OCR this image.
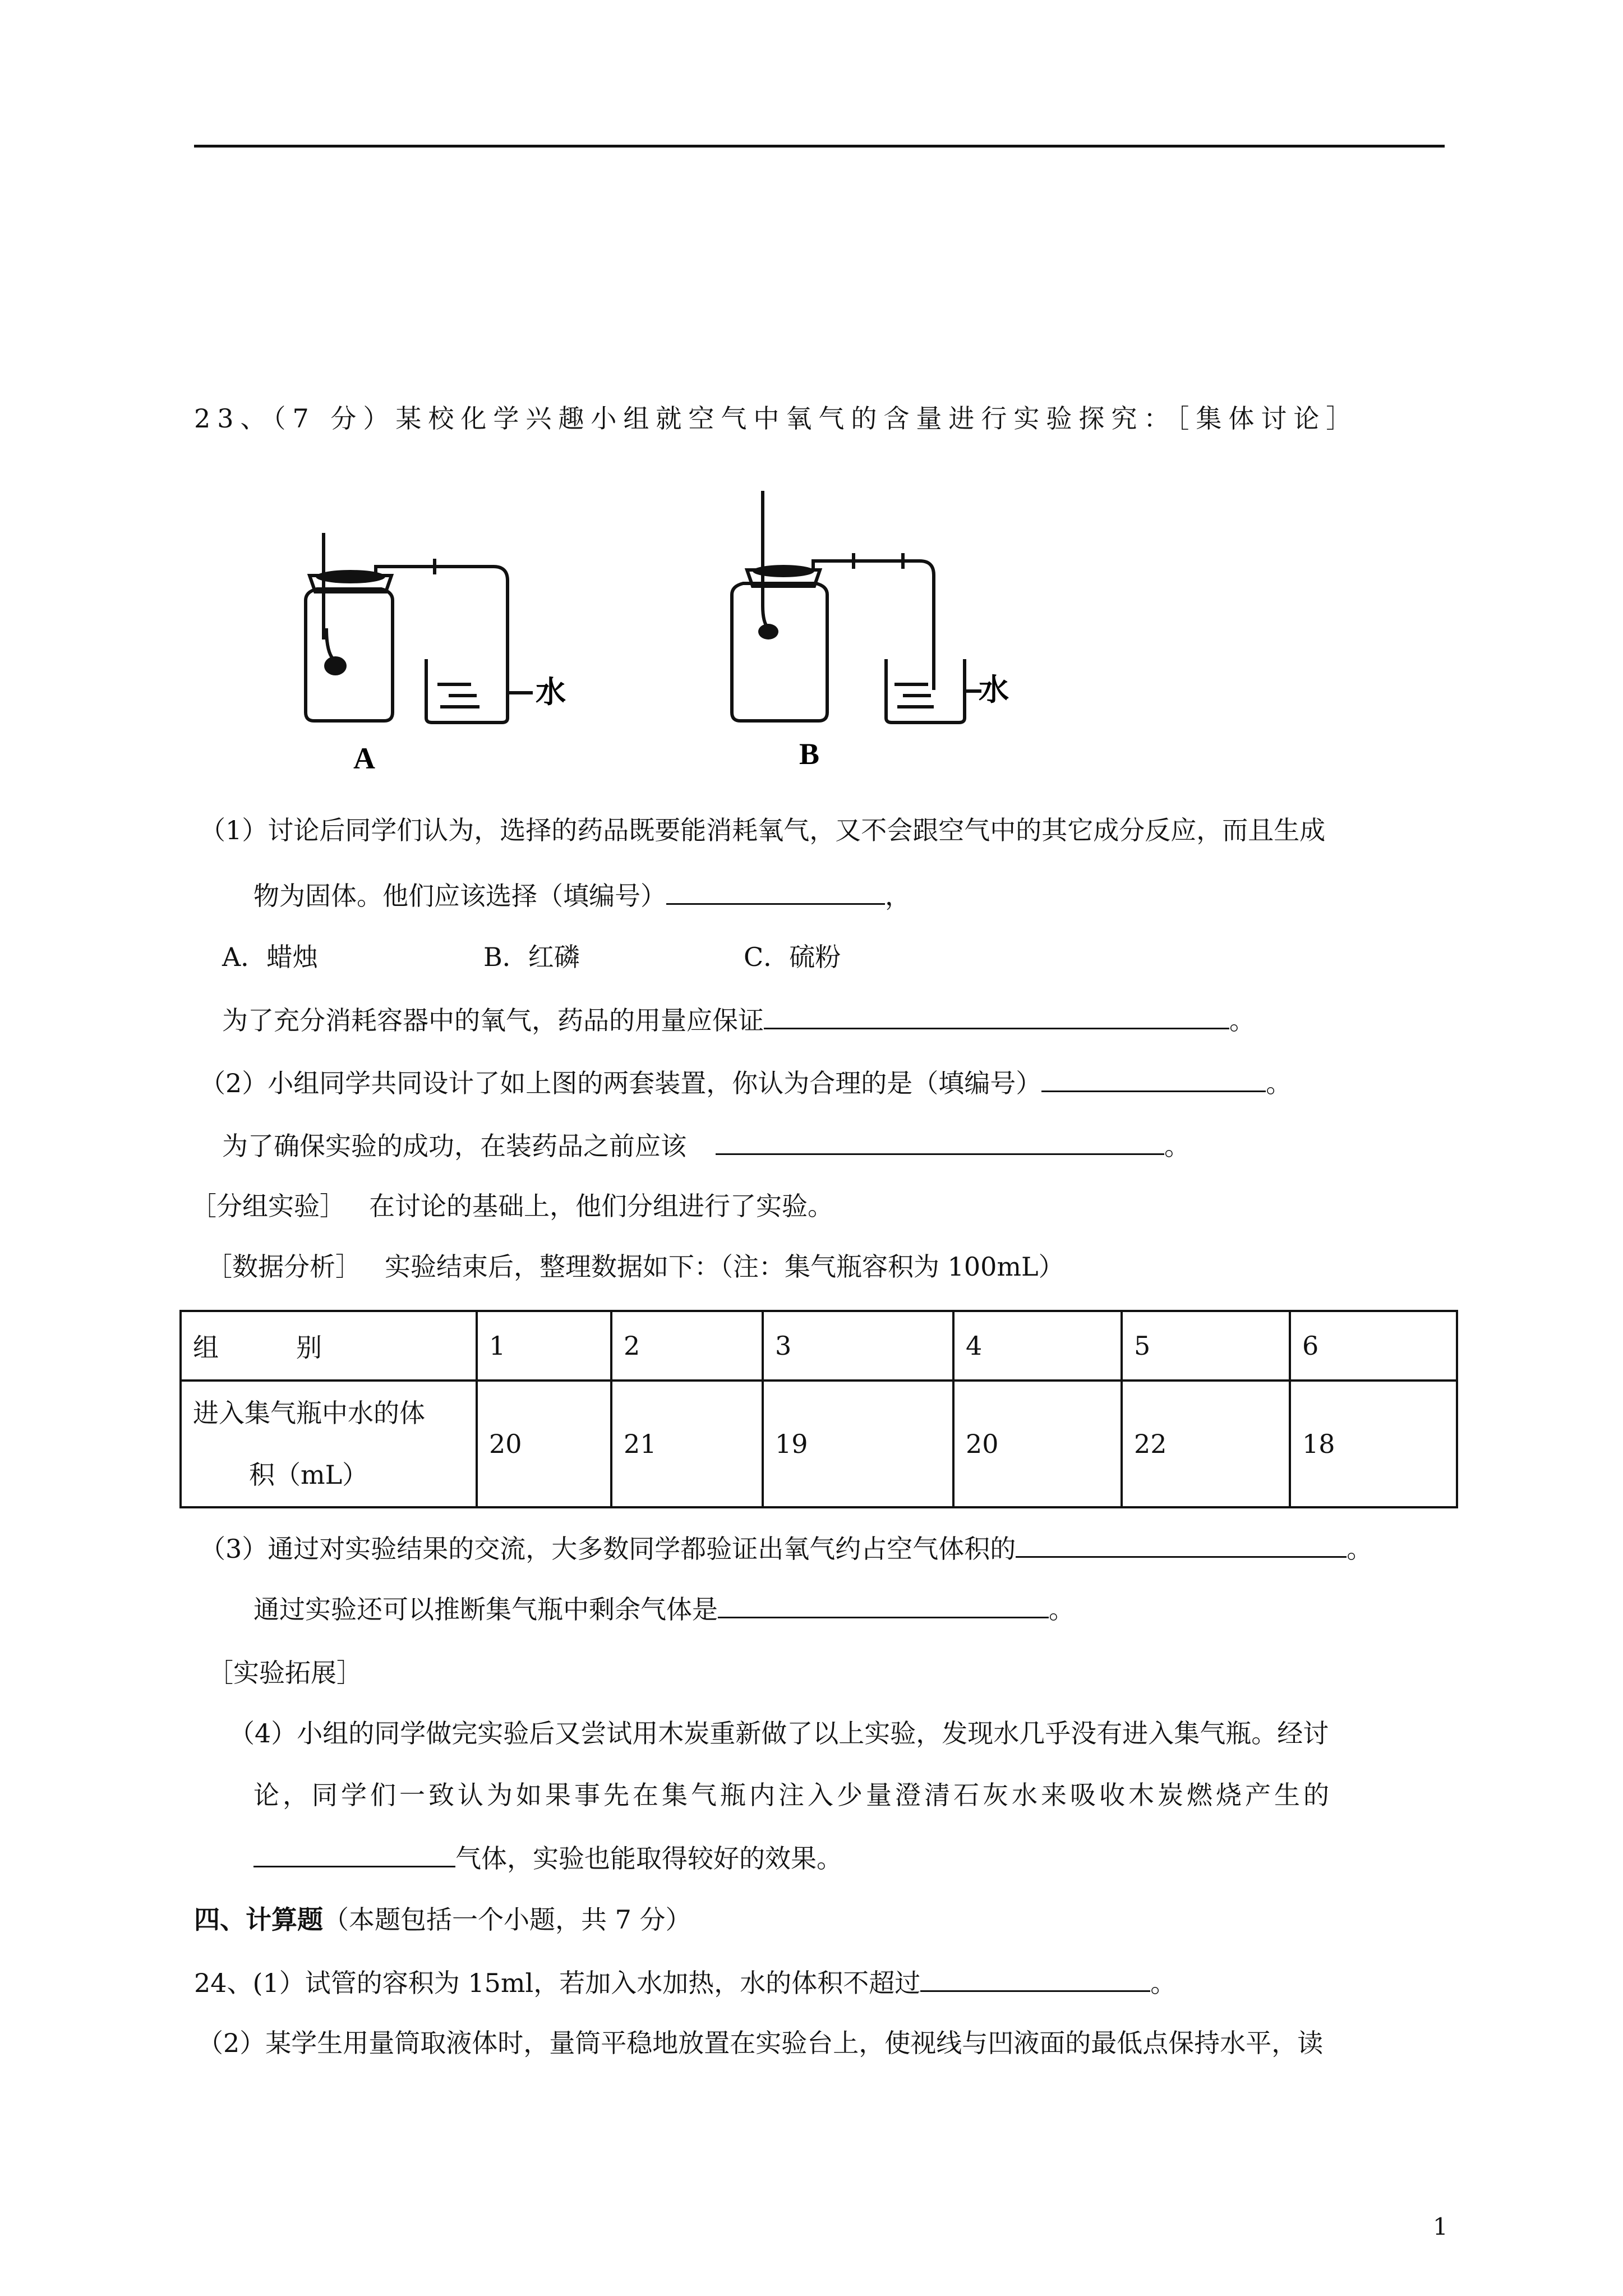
23、（7 分）某校化学兴趣小组就空气中氧气的含量进行实验探究：［集体讨论］
水
A
水
B
（1）讨论后同学们认为，选择的药品既要能消耗氧气，又不会跟空气中的其它成分反应，而且生成
物为固体。他们应该选择（填编号）	，
A．蜡烛	B．红磷	C．硫粉
为了充分消耗容器中的氧气，药品的用量应保证	。
（2）小组同学共同设计了如上图的两套装置，你认为合理的是（填编号）	。
为了确保实验的成功，在装药品之前应该	。
［分组实验］ 在讨论的基础上，他们分组进行了实验。
［数据分析］ 实验结束后，整理数据如下：（注：集气瓶容积为 100mL）
组　　　别	1	2	3	4	5	6

进入集气瓶中水的体
积（mL）	20	21	19	20	22	18
（3）通过对实验结果的交流，大多数同学都验证出氧气约占空气体积的	。
通过实验还可以推断集气瓶中剩余气体是	。
［实验拓展］
（4）小组的同学做完实验后又尝试用木炭重新做了以上实验，发现水几乎没有进入集气瓶。经讨
论，同学们一致认为如果事先在集气瓶内注入少量澄清石灰水来吸收木炭燃烧产生的
气体，实验也能取得较好的效果。
四、计算题（本题包括一个小题，共 7 分）
24、(1）试管的容积为 15ml，若加入水加热，水的体积不超过	。
（2）某学生用量筒取液体时，量筒平稳地放置在实验台上，使视线与凹液面的最低点保持水平，读
1
